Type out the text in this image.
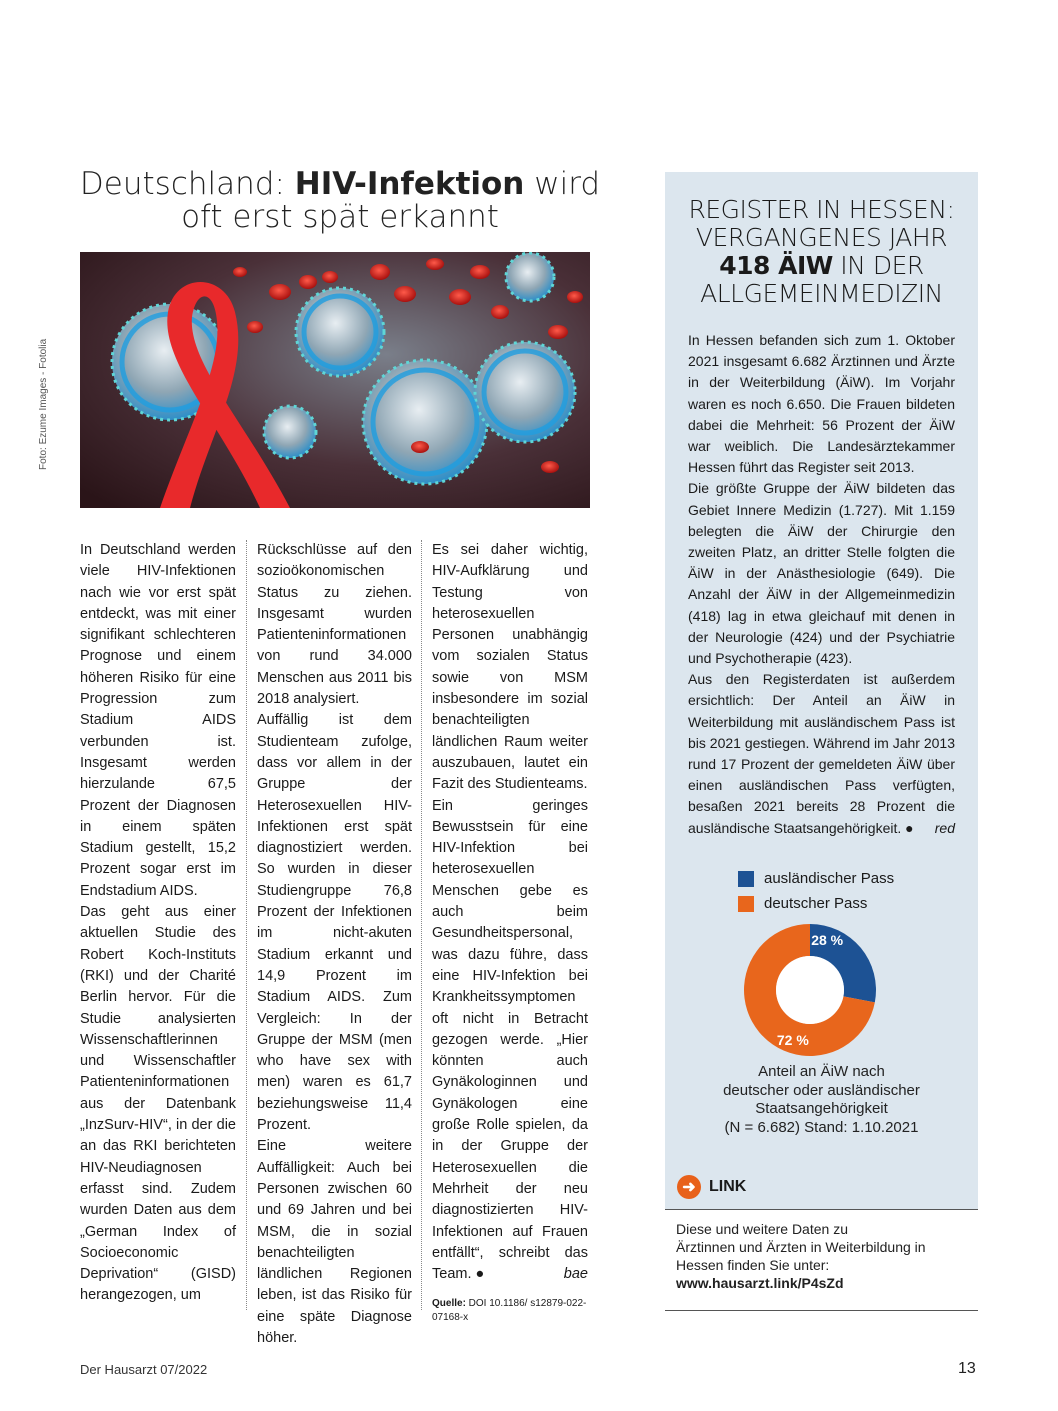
Deutschland: HIV-Infektion wird
oft erst spät erkannt
Foto: Ezume Images - Fotolia

In Deutschland werden viele HIV-Infektionen nach wie vor erst spät entdeckt, was mit einer signifikant schlechteren Prognose und einem höheren Risiko für eine Progression zum Stadium AIDS verbunden ist. Insgesamt werden hierzulande 67,5 Prozent der Diagnosen in einem späten Stadium gestellt, 15,2 Prozent sogar erst im Endstadium AIDS.

Das geht aus einer aktuellen Studie des Robert Koch-Instituts (RKI) und der Charité Berlin hervor. Für die Studie analysierten Wissenschaftlerinnen und Wissenschaftler Patienteninformationen aus der Datenbank „InzSurv-HIV“, in der die an das RKI berichteten HIV-Neudiagnosen erfasst sind. Zudem wurden Daten aus dem „German Index of Socioeconomic Deprivation“ (GISD) herangezogen, um

Rückschlüsse auf den sozioökonomischen Status zu ziehen. Insgesamt wurden Patienteninformationen von rund 34.000 Menschen aus 2011 bis 2018 analysiert.

Auffällig ist dem Studienteam zufolge, dass vor allem in der Gruppe der Heterosexuellen HIV-Infektionen erst spät diagnostiziert werden. So wurden in dieser Studiengruppe 76,8 Prozent der Infektionen im nicht-akuten Stadium erkannt und 14,9 Prozent im Stadium AIDS. Zum Vergleich: In der Gruppe der MSM (men who have sex with men) waren es 61,7 beziehungsweise 11,4 Prozent.

Eine weitere Auffälligkeit: Auch bei Personen zwischen 60 und 69 Jahren und bei MSM, die in sozial benachteiligten ländlichen Regionen leben, ist das Risiko für eine späte Diagnose höher.

Es sei daher wichtig, HIV-Aufklärung und Testung von heterosexuellen Personen unabhängig vom sozialen Status sowie von MSM insbesondere im sozial benachteiligten ländlichen Raum weiter auszubauen, lautet ein Fazit des Studienteams.

Ein geringes Bewusstsein für eine HIV-Infektion bei heterosexuellen Menschen gebe es auch beim Gesundheitspersonal, was dazu führe, dass eine HIV-Infektion bei Krankheitssymptomen oft nicht in Betracht gezogen werde. „Hier könnten auch Gynäkologinnen und Gynäkologen eine große Rolle spielen, da in der Gruppe der Heterosexuellen die Mehrheit der neu diagnostizierten HIV-Infektionen auf Frauen entfällt“, schreibt das Team. ●	bae

Quelle: DOI 10.1186/ s12879-022-07168-x

REGISTER IN HESSEN:
VERGANGENES JAHR
418 ÄIW IN DER
ALLGEMEINMEDIZIN

In Hessen befanden sich zum 1. Oktober 2021 insgesamt 6.682 Ärztinnen und Ärzte in der Weiterbildung (ÄiW). Im Vorjahr waren es noch 6.650. Die Frauen bildeten dabei die Mehrheit: 56 Prozent der ÄiW war weiblich. Die Landesärztekammer Hessen führt das Register seit 2013.

Die größte Gruppe der ÄiW bildeten das Gebiet Innere Medizin (1.727). Mit 1.159 belegten die ÄiW der Chirurgie den zweiten Platz, an dritter Stelle folgten die ÄiW in der Anästhesiologie (649). Die Anzahl der ÄiW in der Allgemeinmedizin (418) lag in etwa gleichauf mit denen in der Neurologie (424) und der Psychiatrie und Psychotherapie (423).

Aus den Registerdaten ist außerdem ersichtlich: Der Anteil an ÄiW in Weiterbildung mit ausländischem Pass ist bis 2021 gestiegen. Während im Jahr 2013 rund 17 Prozent der gemeldeten ÄiW über einen ausländischen Pass verfügten, besaßen 2021 bereits 28 Prozent die ausländische Staatsangehörigkeit. ● red

ausländischer Pass
deutscher Pass
28 %
72 %
Anteil an ÄiW nach
deutscher oder ausländischer
Staatsangehörigkeit
(N = 6.682) Stand: 1.10.2021
➜ LINK
Diese und weitere Daten zu
Ärztinnen und Ärzten in Weiterbildung in
Hessen finden Sie unter:
www.hausarzt.link/P4sZd
Der Hausarzt 07/2022	13
